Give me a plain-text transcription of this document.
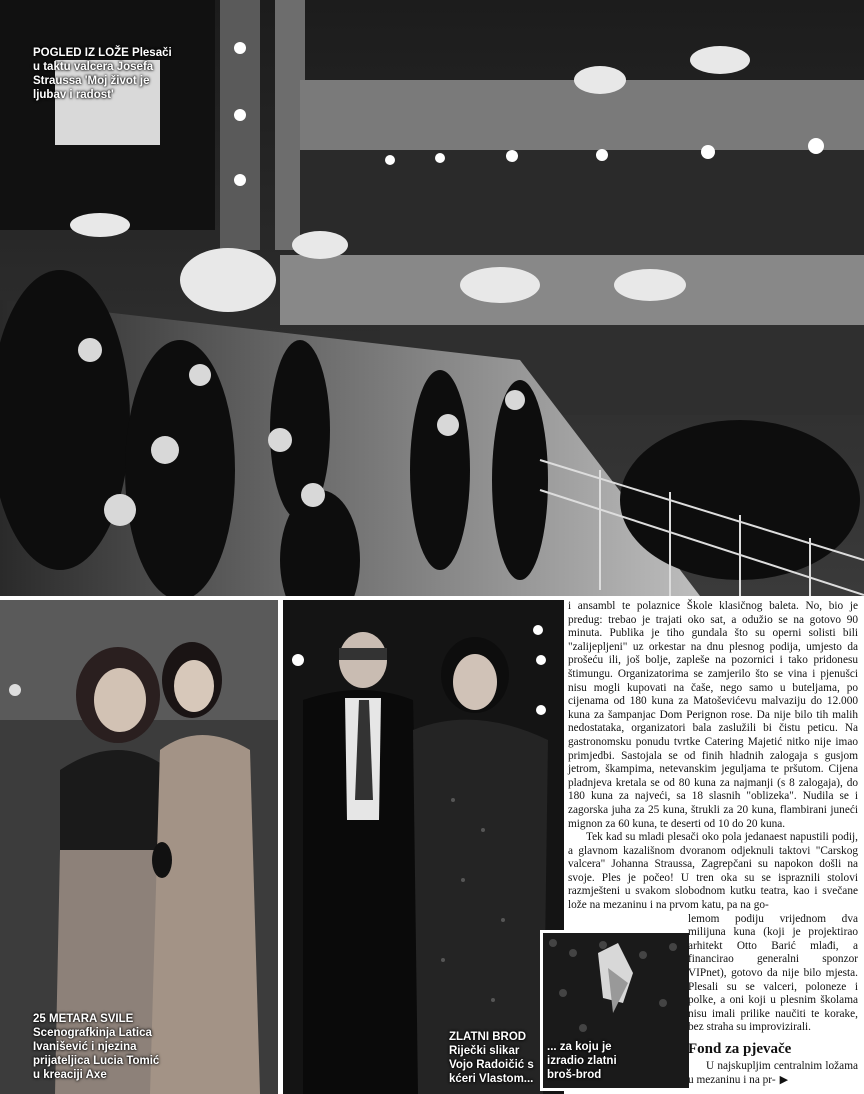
POGLED IZ LOŽE Plesači u taktu valcera Josefa Straussa 'Moj život je ljubav i radost'
25 METARA SVILE Scenografkinja Latica Ivanišević i njezina prijateljica Lucia Tomić u kreaciji Axe
ZLATNI BROD Riječki slikar Vojo Radoičić s kćeri Vlastom...
... za koju je izradio zlatni broš-brod

i ansambl te polaznice Škole klasičnog baleta. No, bio je predug: trebao je trajati oko sat, a odužio se na gotovo 90 minuta. Publika je tiho gundala što su opernі solisti bili "zalijepljeni" uz orkestar na dnu plesnog podija, umjesto da prošeću ili, još bolje, zapleše na pozornici i tako pridonesu štimungu. Organizatorima se zamjerilo što se vina i pjenušci nisu mogli kupovati na čaše, nego samo u buteljama, po cijenama od 180 kuna za Matoševićevu malvaziju do 12.000 kuna za šampanjac Dom Perignon rose. Da nije bilo tih malih nedostataka, organizatori bala zaslužili bi čistu peticu. Na gastronomsku ponudu tvrtke Catering Majetić nitko nije imao primjedbi. Sastojala se od finih hladnih zalogaja s gusjom jetrom, škampima, netevanskim jeguljama te pršutom. Cijena pladnjeva kretala se od 80 kuna za najmanji (s 8 zalogaja), do 180 kuna za najveći, sa 18 slasnih "oblizeka". Nudila se i zagorska juha za 25 kuna, štrukli za 20 kuna, flambirani juneći mignon za 60 kuna, te deserti od 10 do 20 kuna.

Tek kad su mladi plesači oko pola jedanaest napustili podij, a glavnom kazališnom dvoranom odjeknuli taktovi "Carskog valcera" Johanna Straussa, Zagrepčani su napokon došli na svoje. Ples je počeo! U tren oka su se ispraznili stolovi razmješteni u svakom slobodnom kutku teatra, kao i svečane lože na mezaninu i na prvom katu, pa na go-

lemom podiju vrijednom dva milijuna kuna (koji je projektirao arhitekt Otto Barić mlađi, a financirao generalni sponzor VIPnet), gotovo da nije bilo mjesta. Plesali su se valceri, poloneze i polke, a oni koji u plesnim školama nisu imali prilike naučiti te korake, bez straha su improvizirali.

Fond za pjevače

U najskupljim centralnim ložama u mezaninu i na pr- ▶
